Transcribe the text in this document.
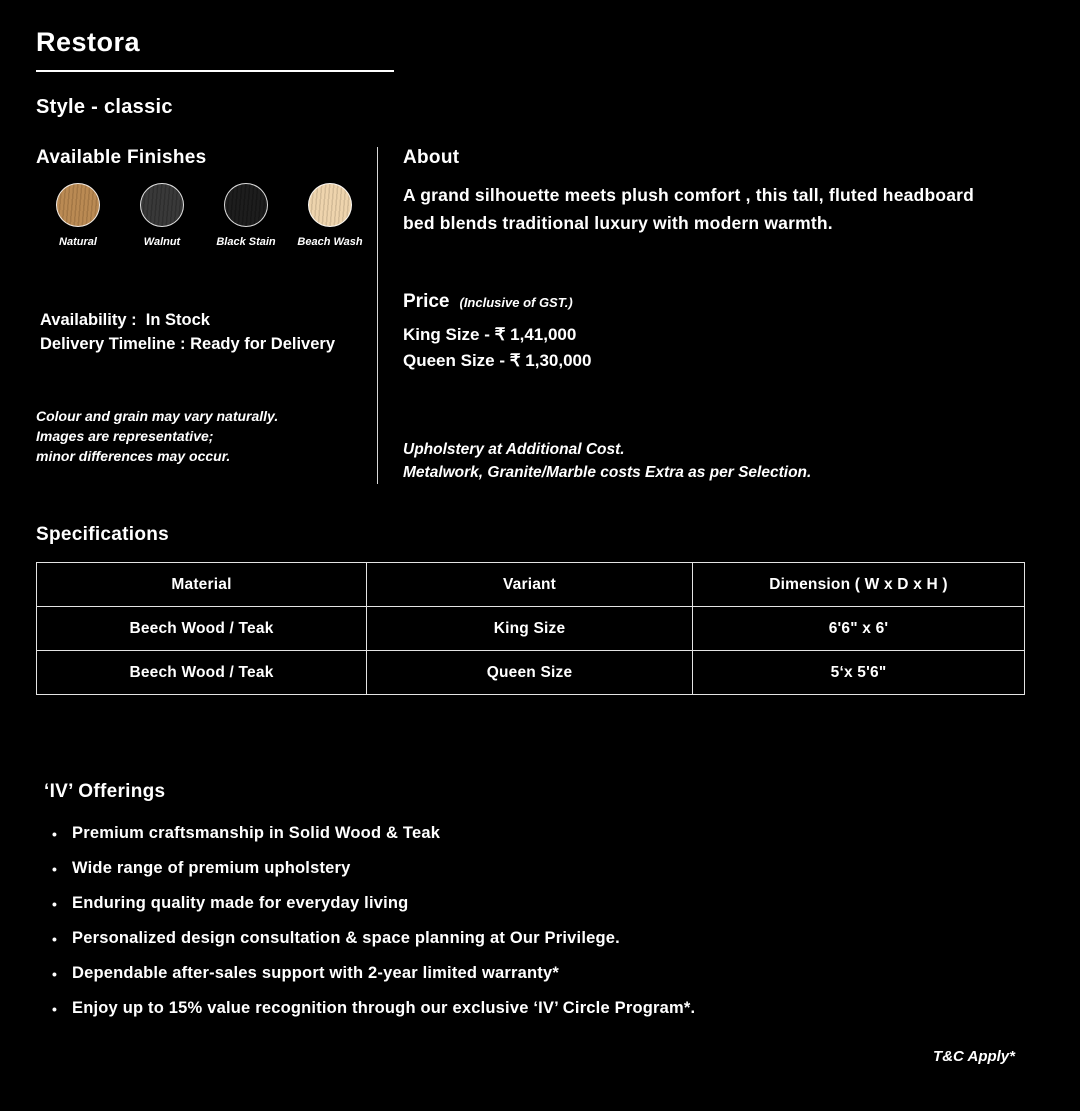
Restora
Style - classic
Available Finishes
Natural	Walnut	Black Stain Beach Wash
Availability :  In Stock
Delivery Timeline : Ready for Delivery
Colour and grain may vary naturally.
Images are representative;
minor differences may occur.
About
A grand silhouette meets plush comfort , this tall, fluted headboard bed blends traditional luxury with modern warmth.
Price (Inclusive of GST.)
King Size - ₹ 1,41,000
Queen Size - ₹ 1,30,000
Upholstery at Additional Cost.
Metalwork, Granite/Marble costs Extra as per Selection.
Specifications
Material	Variant	Dimension ( W x D x H )
Beech Wood / Teak	King Size	6'6" x 6'
Beech Wood / Teak	Queen Size	5‘x 5'6"
‘IV’ Offerings
• Premium craftsmanship in Solid Wood & Teak
• Wide range of premium upholstery
• Enduring quality made for everyday living
• Personalized design consultation & space planning at Our Privilege.
• Dependable after-sales support with 2-year limited warranty*
• Enjoy up to 15% value recognition through our exclusive ‘IV’ Circle Program*.
T&C Apply*
